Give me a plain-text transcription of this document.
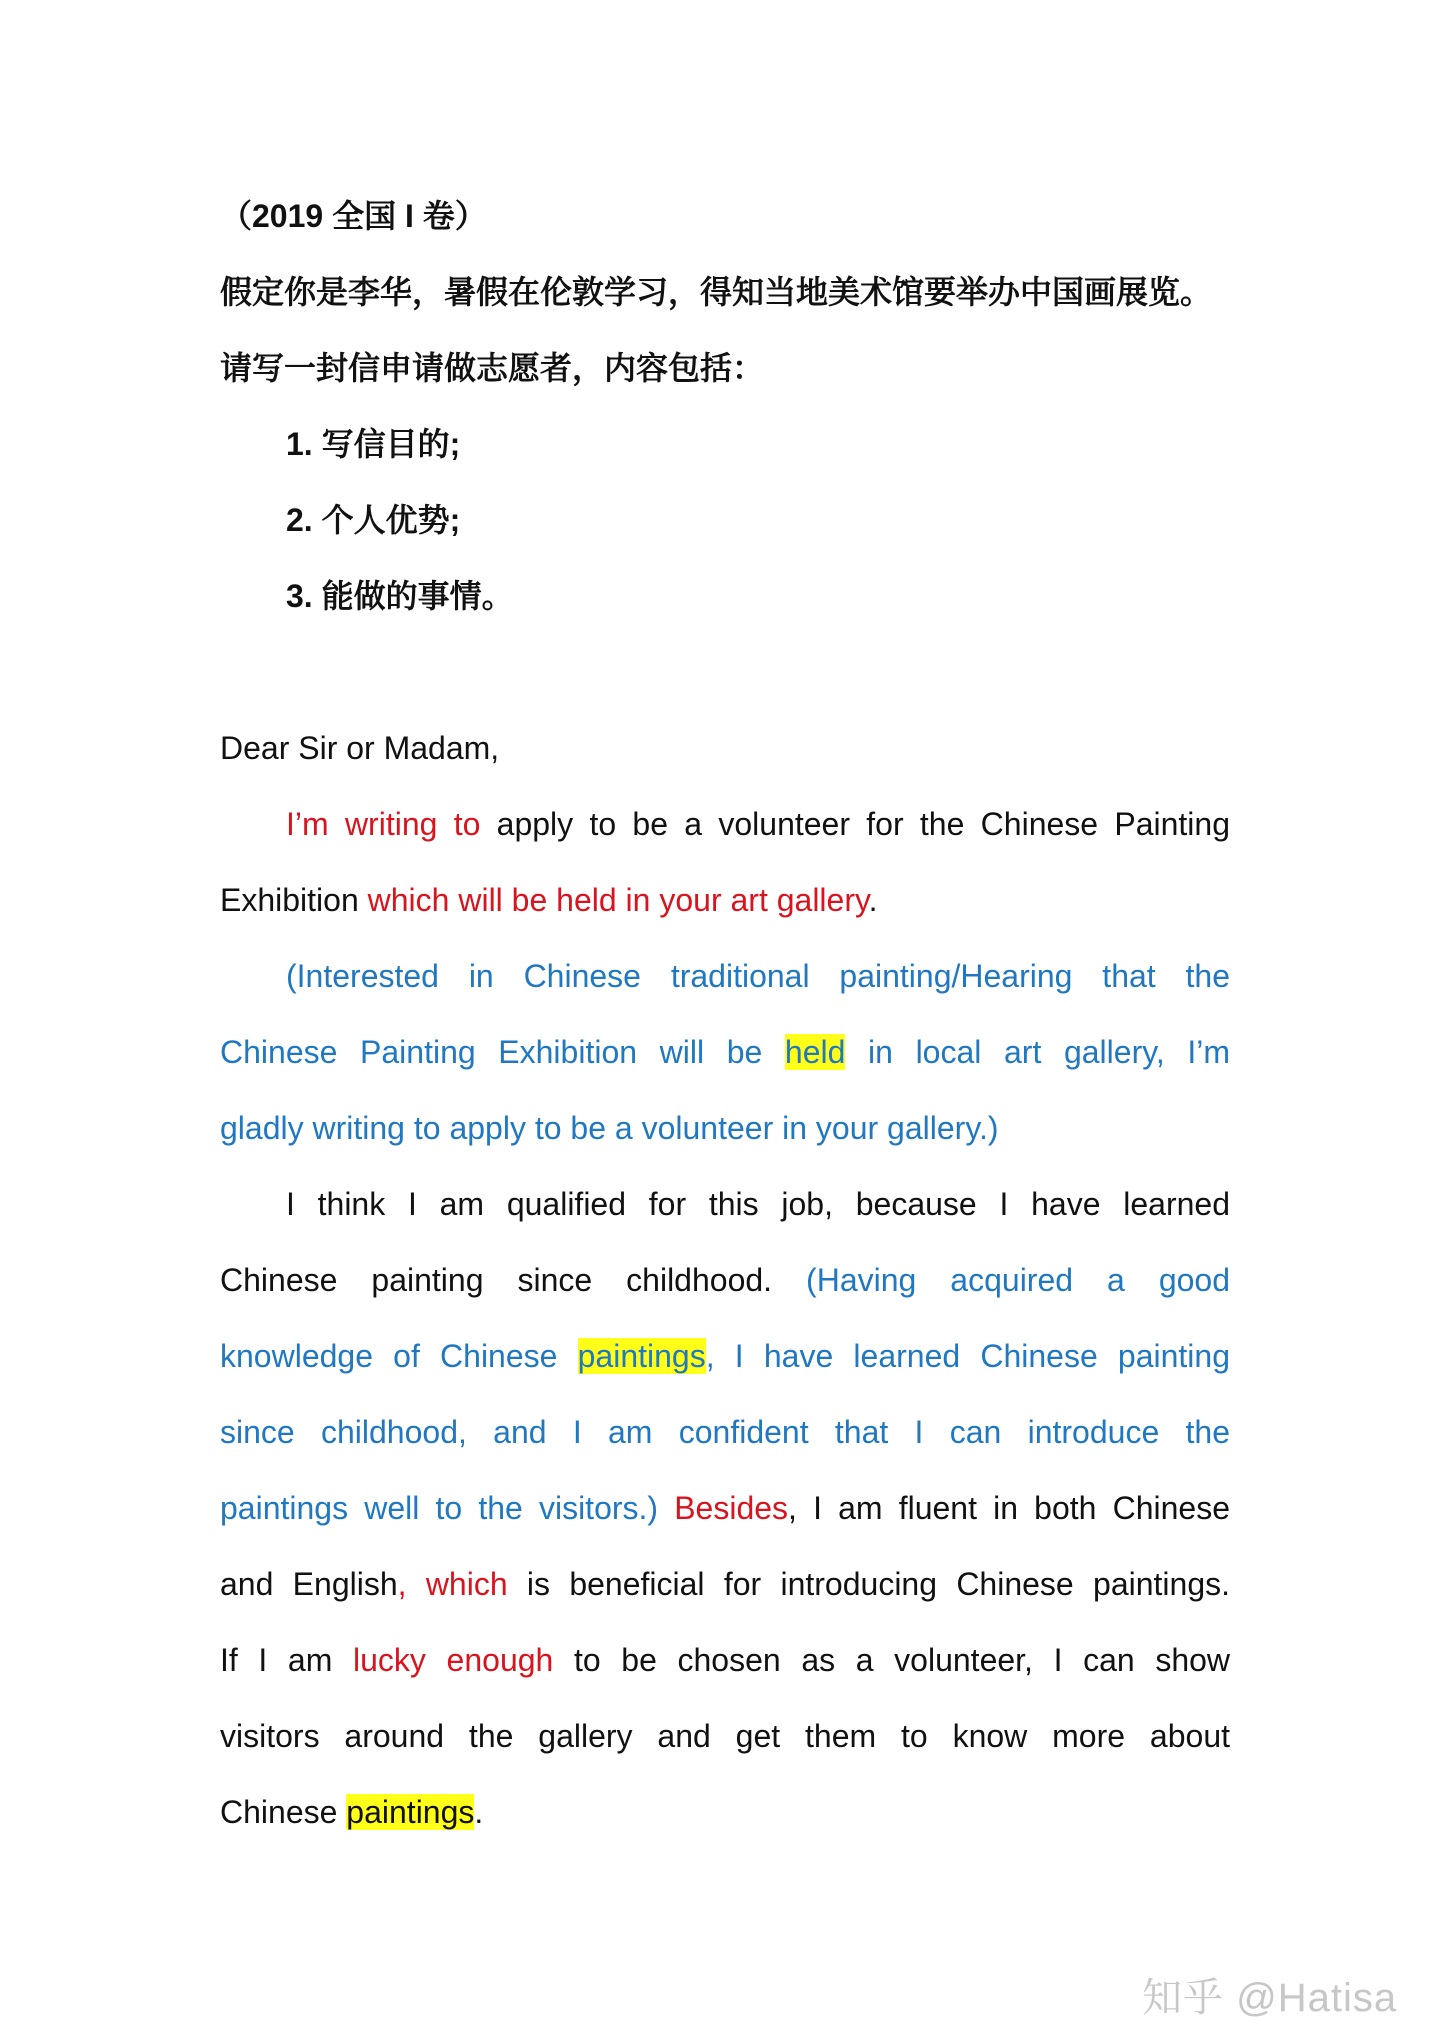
（2019 全国 I 卷）
假定你是李华，暑假在伦敦学习，得知当地美术馆要举办中国画展览。
请写一封信申请做志愿者，内容包括：
1. 写信目的;
2. 个人优势;
3. 能做的事情。
Dear Sir or Madam,
I’m writing to apply to be a volunteer for the Chinese Painting
Exhibition which will be held in your art gallery.
(Interested in Chinese traditional painting/Hearing that the
Chinese Painting Exhibition will be held in local art gallery, I’m
gladly writing to apply to be a volunteer in your gallery.)
I think I am qualified for this job, because I have learned
Chinese painting since childhood. (Having acquired a good
knowledge of Chinese paintings, I have learned Chinese painting
since childhood, and I am confident that I can introduce the
paintings well to the visitors.) Besides, I am fluent in both Chinese
and English, which is beneficial for introducing Chinese paintings.
If I am lucky enough to be chosen as a volunteer, I can show
visitors around the gallery and get them to know more about
Chinese paintings.
知乎 @Hatisa
